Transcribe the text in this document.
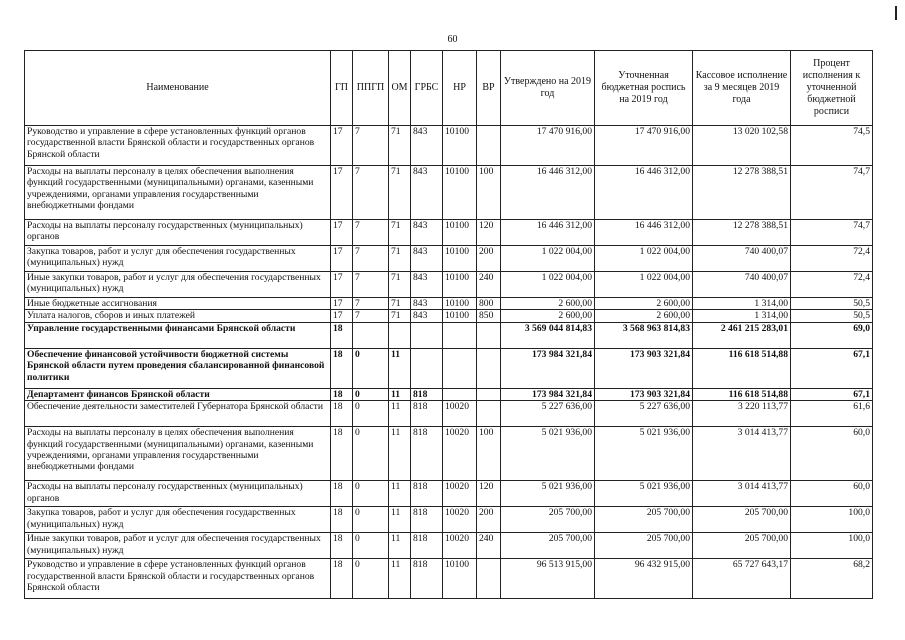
60
Наименование	ГП	ППГП	ОМ	ГРБС	НР	ВР	Утверждено на 2019 год	Уточненная бюджетная роспись на 2019 год	Кассовое исполнение за 9 месяцев 2019 года	Процент исполнения к уточненной бюджетной росписи
Руководство и управление в сфере установленных функций органов государственной власти Брянской области и государственных органов Брянской области	17	7	71	843	10100		17 470 916,00	17 470 916,00	13 020 102,58	74,5
Расходы на выплаты персоналу в целях обеспечения выполнения функций государственными (муниципальными) органами, казенными учреждениями, органами управления государственными внебюджетными фондами	17	7	71	843	10100	100	16 446 312,00	16 446 312,00	12 278 388,51	74,7
Расходы на выплаты персоналу государственных (муниципальных) органов	17	7	71	843	10100	120	16 446 312,00	16 446 312,00	12 278 388,51	74,7
Закупка товаров, работ и услуг для обеспечения государственных (муниципальных) нужд	17	7	71	843	10100	200	1 022 004,00	1 022 004,00	740 400,07	72,4
Иные закупки товаров, работ и услуг для обеспечения государственных (муниципальных) нужд	17	7	71	843	10100	240	1 022 004,00	1 022 004,00	740 400,07	72,4
Иные бюджетные ассигнования	17	7	71	843	10100	800	2 600,00	2 600,00	1 314,00	50,5
Уплата налогов, сборов и иных платежей	17	7	71	843	10100	850	2 600,00	2 600,00	1 314,00	50,5
Управление государственными финансами Брянской области	18						3 569 044 814,83	3 568 963 814,83	2 461 215 283,01	69,0
Обеспечение финансовой устойчивости бюджетной системы Брянской области путем проведения сбалансированной финансовой политики	18	0	11				173 984 321,84	173 903 321,84	116 618 514,88	67,1
Департамент финансов Брянской области	18	0	11	818			173 984 321,84	173 903 321,84	116 618 514,88	67,1
Обеспечение деятельности заместителей Губернатора Брянской области	18	0	11	818	10020		5 227 636,00	5 227 636,00	3 220 113,77	61,6
Расходы на выплаты персоналу в целях обеспечения выполнения функций государственными (муниципальными) органами, казенными учреждениями, органами управления государственными внебюджетными фондами	18	0	11	818	10020	100	5 021 936,00	5 021 936,00	3 014 413,77	60,0
Расходы на выплаты персоналу государственных (муниципальных) органов	18	0	11	818	10020	120	5 021 936,00	5 021 936,00	3 014 413,77	60,0
Закупка товаров, работ и услуг для обеспечения государственных (муниципальных) нужд	18	0	11	818	10020	200	205 700,00	205 700,00	205 700,00	100,0
Иные закупки товаров, работ и услуг для обеспечения государственных (муниципальных) нужд	18	0	11	818	10020	240	205 700,00	205 700,00	205 700,00	100,0
Руководство и управление в сфере установленных функций органов государственной власти Брянской области и государственных органов Брянской области	18	0	11	818	10100		96 513 915,00	96 432 915,00	65 727 643,17	68,2
